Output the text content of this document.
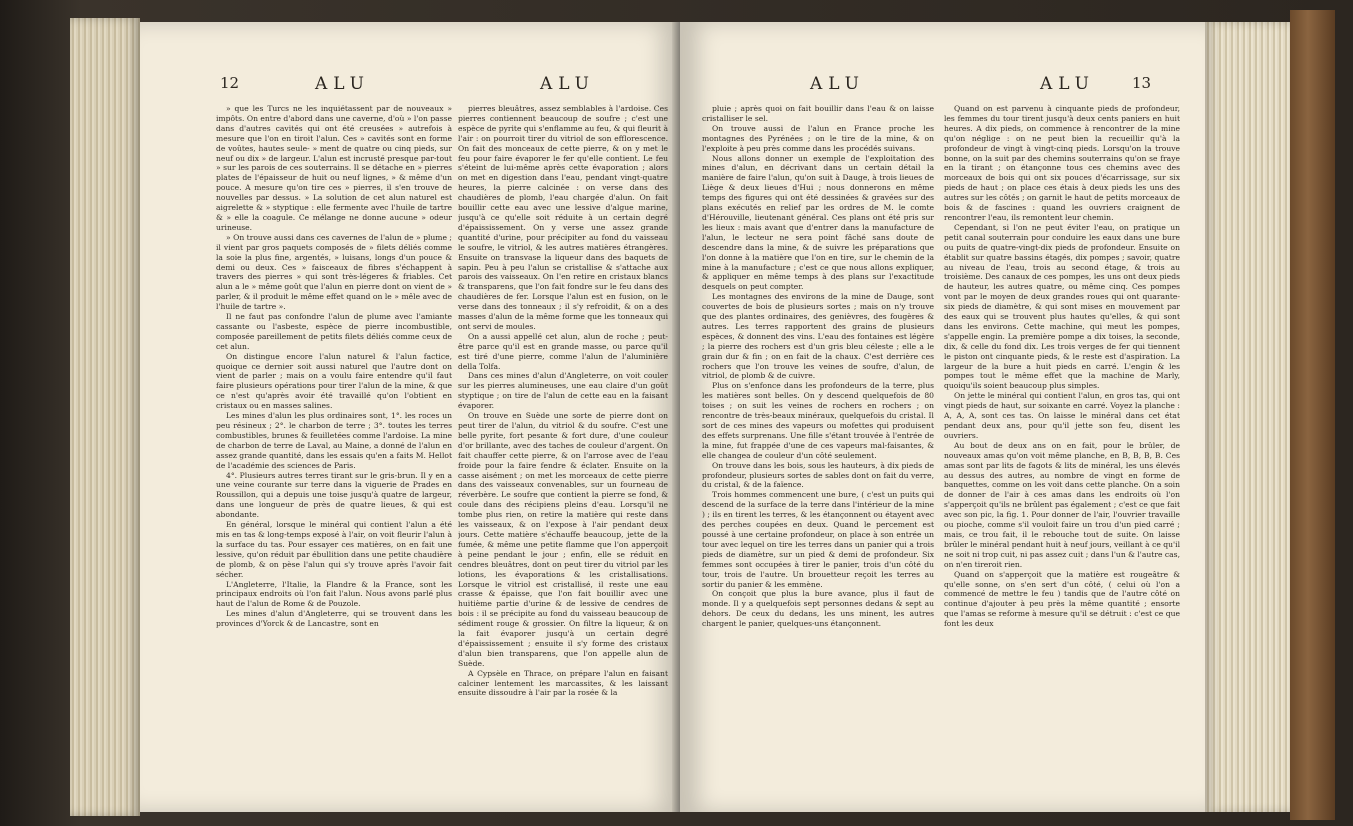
12	ALU	ALU

» que les Turcs ne les inquiétassent par de nouveaux » impôts. On entre d'abord dans une caverne, d'où » l'on passe dans d'autres cavités qui ont été creusées » autrefois à mesure que l'on en tiroit l'alun. Ces » cavités sont en forme de voûtes, hautes seule- » ment de quatre ou cinq pieds, sur neuf ou dix » de largeur. L'alun est incrusté presque par-tout » sur les parois de ces souterrains. Il se détache en » pierres plates de l'épaisseur de huit ou neuf lignes, » & même d'un pouce. A mesure qu'on tire ces » pierres, il s'en trouve de nouvelles par dessus. » La solution de cet alun naturel est aigrelette & » styptique : elle fermente avec l'huile de tartre & » elle la coagule. Ce mélange ne donne aucune » odeur urineuse.

» On trouve aussi dans ces cavernes de l'alun de » plume ; il vient par gros paquets composés de » filets déliés comme la soie la plus fine, argentés, » luisans, longs d'un pouce & demi ou deux. Ces » faisceaux de fibres s'échappent à travers des pierres » qui sont très-légeres & friables. Cet alun a le » même goût que l'alun en pierre dont on vient de » parler, & il produit le même effet quand on le » mêle avec de l'huile de tartre ».

Il ne faut pas confondre l'alun de plume avec l'amiante cassante ou l'asbeste, espèce de pierre incombustible, composée pareillement de petits filets déliés comme ceux de cet alun.

On distingue encore l'alun naturel & l'alun factice, quoique ce dernier soit aussi naturel que l'autre dont on vient de parler ; mais on a voulu faire entendre qu'il faut faire plusieurs opérations pour tirer l'alun de la mine, & que ce n'est qu'après avoir été travaillé qu'on l'obtient en cristaux ou en masses salines.

Les mines d'alun les plus ordinaires sont, 1°. les roces un peu résineux ; 2°. le charbon de terre ; 3°. toutes les terres combustibles, brunes & feuilletées comme l'ardoise. La mine de charbon de terre de Laval, au Maine, a donné de l'alun en assez grande quantité, dans les essais qu'en a faits M. Hellot de l'académie des sciences de Paris.

4°. Plusieurs autres terres tirant sur le gris-brun. Il y en a une veine courante sur terre dans la viguerie de Prades en Roussillon, qui a depuis une toise jusqu'à quatre de largeur, dans une longueur de près de quatre lieues, & qui est abondante.

En général, lorsque le minéral qui contient l'alun a été mis en tas & long-temps exposé à l'air, on voit fleurir l'alun à la surface du tas. Pour essayer ces matières, on en fait une lessive, qu'on réduit par ébullition dans une petite chaudière de plomb, & on pèse l'alun qui s'y trouve après l'avoir fait sécher.

L'Angleterre, l'Italie, la Flandre & la France, sont les principaux endroits où l'on fait l'alun. Nous avons parlé plus haut de l'alun de Rome & de Pouzole.

Les mines d'alun d'Angleterre, qui se trouvent dans les provinces d'Yorck & de Lancastre, sont en

pierres bleuâtres, assez semblables à l'ardoise. Ces pierres contiennent beaucoup de soufre ; c'est une espèce de pyrite qui s'enflamme au feu, & qui fleurit à l'air : on pourroit tirer du vitriol de son efflorescence. On fait des monceaux de cette pierre, & on y met le feu pour faire évaporer le fer qu'elle contient. Le feu s'éteint de lui-même après cette évaporation ; alors on met en digestion dans l'eau, pendant vingt-quatre heures, la pierre calcinée : on verse dans des chaudières de plomb, l'eau chargée d'alun. On fait bouillir cette eau avec une lessive d'algue marine, jusqu'à ce qu'elle soit réduite à un certain degré d'épaississement. On y verse une assez grande quantité d'urine, pour précipiter au fond du vaisseau le soufre, le vitriol, & les autres matières étrangères. Ensuite on transvase la liqueur dans des baquets de sapin. Peu à peu l'alun se cristallise & s'attache aux parois des vaisseaux. On l'en retire en cristaux blancs & transparens, que l'on fait fondre sur le feu dans des chaudières de fer. Lorsque l'alun est en fusion, on le verse dans des tonneaux ; il s'y refroidit, & on a des masses d'alun de la même forme que les tonneaux qui ont servi de moules.

On a aussi appellé cet alun, alun de roche ; peut-être parce qu'il est en grande masse, ou parce qu'il est tiré d'une pierre, comme l'alun de l'aluminière della Tolfa.

Dans ces mines d'alun d'Angleterre, on voit couler sur les pierres alumineuses, une eau claire d'un goût styptique ; on tire de l'alun de cette eau en la faisant évaporer.

On trouve en Suède une sorte de pierre dont on peut tirer de l'alun, du vitriol & du soufre. C'est une belle pyrite, fort pesante & fort dure, d'une couleur d'or brillante, avec des taches de couleur d'argent. On fait chauffer cette pierre, & on l'arrose avec de l'eau froide pour la faire fendre & éclater. Ensuite on la casse aisément ; on met les morceaux de cette pierre dans des vaisseaux convenables, sur un fourneau de réverbère. Le soufre que contient la pierre se fond, & coule dans des récipiens pleins d'eau. Lorsqu'il ne tombe plus rien, on retire la matière qui reste dans les vaisseaux, & on l'expose à l'air pendant deux jours. Cette matière s'échauffe beaucoup, jette de la fumée, & même une petite flamme que l'on apperçoit à peine pendant le jour ; enfin, elle se réduit en cendres bleuâtres, dont on peut tirer du vitriol par les lotions, les évaporations & les cristallisations. Lorsque le vitriol est cristallisé, il reste une eau crasse & épaisse, que l'on fait bouillir avec une huitième partie d'urine & de lessive de cendres de bois : il se précipite au fond du vaisseau beaucoup de sédiment rouge & grossier. On filtre la liqueur, & on la fait évaporer jusqu'à un certain degré d'épaississement ; ensuite il s'y forme des cristaux d'alun bien transparens, que l'on appelle alun de Suède.

A Cypsèle en Thrace, on prépare l'alun en faisant calciner lentement les marcassites, & les laissant ensuite dissoudre à l'air par la rosée & la

ALU	ALU 13

pluie ; après quoi on fait bouillir dans l'eau & on laisse cristalliser le sel.

On trouve aussi de l'alun en France proche les montagnes des Pyrénées ; on le tire de la mine, & on l'exploite à peu près comme dans les procédés suivans.

Nous allons donner un exemple de l'exploitation des mines d'alun, en décrivant dans un certain détail la manière de faire l'alun, qu'on suit à Dauge, à trois lieues de Liège & deux lieues d'Hui ; nous donnerons en même temps des figures qui ont été dessinées & gravées sur des plans exécutés en relief par les ordres de M. le comte d'Hérouville, lieutenant général. Ces plans ont été pris sur les lieux : mais avant que d'entrer dans la manufacture de l'alun, le lecteur ne sera point fâché sans doute de descendre dans la mine, & de suivre les préparations que l'on donne à la matière que l'on en tire, sur le chemin de la mine à la manufacture ; c'est ce que nous allons expliquer, & appliquer en même temps à des plans sur l'exactitude desquels on peut compter.

Les montagnes des environs de la mine de Dauge, sont couvertes de bois de plusieurs sortes ; mais on n'y trouve que des plantes ordinaires, des genièvres, des fougères & autres. Les terres rapportent des grains de plusieurs espèces, & donnent des vins. L'eau des fontaines est légère ; la pierre des rochers est d'un gris bleu céleste ; elle a le grain dur & fin ; on en fait de la chaux. C'est derrière ces rochers que l'on trouve les veines de soufre, d'alun, de vitriol, de plomb & de cuivre.

Plus on s'enfonce dans les profondeurs de la terre, plus les matières sont belles. On y descend quelquefois de 80 toises ; on suit les veines de rochers en rochers ; on rencontre de très-beaux minéraux, quelquefois du cristal. Il sort de ces mines des vapeurs ou mofettes qui produisent des effets surprenans. Une fille s'étant trouvée à l'entrée de la mine, fut frappée d'une de ces vapeurs mal-faisantes, & elle changea de couleur d'un côté seulement.

On trouve dans les bois, sous les hauteurs, à dix pieds de profondeur, plusieurs sortes de sables dont on fait du verre, du cristal, & de la faïence.

Trois hommes commencent une bure, ( c'est un puits qui descend de la surface de la terre dans l'intérieur de la mine ) ; ils en tirent les terres, & les étançonnent ou étayent avec des perches coupées en deux. Quand le percement est poussé à une certaine profondeur, on place à son entrée un tour avec lequel on tire les terres dans un panier qui a trois pieds de diamètre, sur un pied & demi de profondeur. Six femmes sont occupées à tirer le panier, trois d'un côté du tour, trois de l'autre. Un brouetteur reçoit les terres au sortir du panier & les emmène.

On conçoit que plus la bure avance, plus il faut de monde. Il y a quelquefois sept personnes dedans & sept au dehors. De ceux du dedans, les uns minent, les autres chargent le panier, quelques-uns étançonnent.

Quand on est parvenu à cinquante pieds de profondeur, les femmes du tour tirent jusqu'à deux cents paniers en huit heures. A dix pieds, on commence à rencontrer de la mine qu'on néglige : on ne peut bien la recueillir qu'à la profondeur de vingt à vingt-cinq pieds. Lorsqu'on la trouve bonne, on la suit par des chemins souterrains qu'on se fraye en la tirant ; on étançonne tous ces chemins avec des morceaux de bois qui ont six pouces d'écarrissage, sur six pieds de haut ; on place ces étais à deux pieds les uns des autres sur les côtés ; on garnit le haut de petits morceaux de bois & de fascines : quand les ouvriers craignent de rencontrer l'eau, ils remontent leur chemin.

Cependant, si l'on ne peut éviter l'eau, on pratique un petit canal souterrain pour conduire les eaux dans une bure ou puits de quatre-vingt-dix pieds de profondeur. Ensuite on établit sur quatre bassins étagés, dix pompes ; savoir, quatre au niveau de l'eau, trois au second étage, & trois au troisième. Des canaux de ces pompes, les uns ont deux pieds de hauteur, les autres quatre, ou même cinq. Ces pompes vont par le moyen de deux grandes roues qui ont quarante-six pieds de diamètre, & qui sont mises en mouvement par des eaux qui se trouvent plus hautes qu'elles, & qui sont dans les environs. Cette machine, qui meut les pompes, s'appelle engin. La première pompe a dix toises, la seconde, dix, & celle du fond dix. Les trois verges de fer qui tiennent le piston ont cinquante pieds, & le reste est d'aspiration. La largeur de la bure a huit pieds en carré. L'engin & les pompes tout le même effet que la machine de Marly, quoiqu'ils soient beaucoup plus simples.

On jette le minéral qui contient l'alun, en gros tas, qui ont vingt pieds de haut, sur soixante en carré. Voyez la planche : A, A, A, sont ces tas. On laisse le minéral dans cet état pendant deux ans, pour qu'il jette son feu, disent les ouvriers.

Au bout de deux ans on en fait, pour le brûler, de nouveaux amas qu'on voit même planche, en B, B, B, B. Ces amas sont par lits de fagots & lits de minéral, les uns élevés au dessus des autres, au nombre de vingt en forme de banquettes, comme on les voit dans cette planche. On a soin de donner de l'air à ces amas dans les endroits où l'on s'apperçoit qu'ils ne brûlent pas également ; c'est ce que fait avec son pic, la fig. 1. Pour donner de l'air, l'ouvrier travaille ou pioche, comme s'il vouloit faire un trou d'un pied carré ; mais, ce trou fait, il le rebouche tout de suite. On laisse brûler le minéral pendant huit à neuf jours, veillant à ce qu'il ne soit ni trop cuit, ni pas assez cuit ; dans l'un & l'autre cas, on n'en tireroit rien.

Quand on s'apperçoit que la matière est rougeâtre & qu'elle sonne, on s'en sert d'un côté, ( celui où l'on a commencé de mettre le feu ) tandis que de l'autre côté on continue d'ajouter à peu près la même quantité ; ensorte que l'amas se reforme à mesure qu'il se détruit : c'est ce que font les deux
